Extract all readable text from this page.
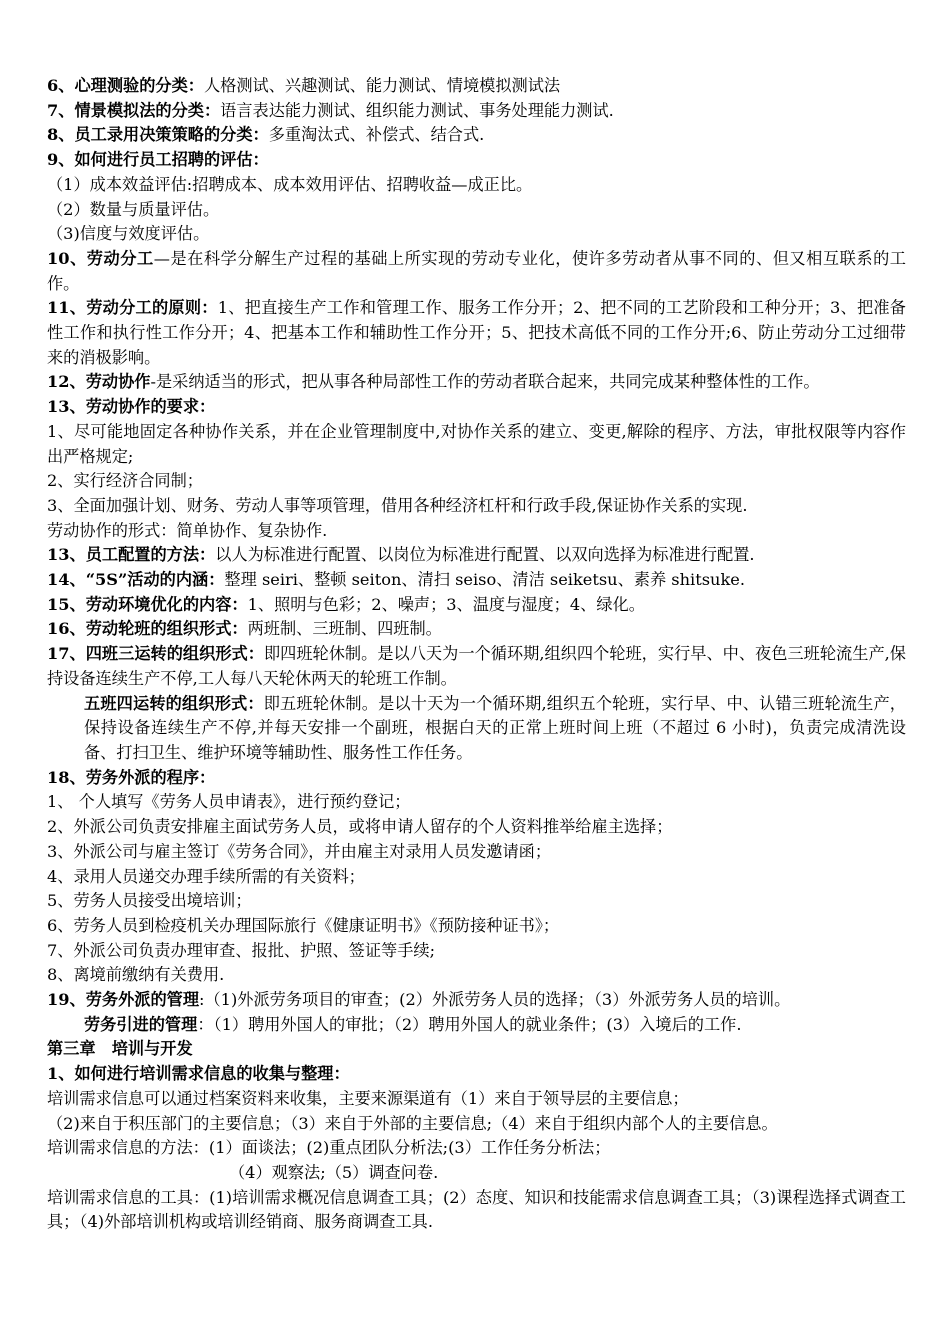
6、心理测验的分类：人格测试、兴趣测试、能力测试、情境模拟测试法

7、情景模拟法的分类：语言表达能力测试、组织能力测试、事务处理能力测试.

8、员工录用决策策略的分类：多重淘汰式、补偿式、结合式.

9、如何进行员工招聘的评估：

（1）成本效益评估:招聘成本、成本效用评估、招聘收益—成正比。

（2）数量与质量评估。

（3)信度与效度评估。

10、劳动分工—是在科学分解生产过程的基础上所实现的劳动专业化，使许多劳动者从事不同的、但又相互联系的工作。

11、劳动分工的原则：1、把直接生产工作和管理工作、服务工作分开；2、把不同的工艺阶段和工种分开；3、把准备性工作和执行性工作分开；4、把基本工作和辅助性工作分开；5、把技术高低不同的工作分开;6、防止劳动分工过细带来的消极影响。

12、劳动协作-是采纳适当的形式，把从事各种局部性工作的劳动者联合起来，共同完成某种整体性的工作。

13、劳动协作的要求：

1、尽可能地固定各种协作关系，并在企业管理制度中,对协作关系的建立、变更,解除的程序、方法，审批权限等内容作出严格规定;

2、实行经济合同制；

3、全面加强计划、财务、劳动人事等项管理，借用各种经济杠杆和行政手段,保证协作关系的实现.

劳动协作的形式：简单协作、复杂协作.

13、员工配置的方法：以人为标准进行配置、以岗位为标准进行配置、以双向选择为标准进行配置.

14、“5S”活动的内涵：整理 seiri、整顿 seiton、清扫 seiso、清洁 seiketsu、素养 shitsuke.

15、劳动环境优化的内容：1、照明与色彩；2、噪声；3、温度与湿度；4、绿化。

16、劳动轮班的组织形式：两班制、三班制、四班制。

17、四班三运转的组织形式：即四班轮休制。是以八天为一个循环期,组织四个轮班，实行早、中、夜色三班轮流生产,保持设备连续生产不停,工人每八天轮休两天的轮班工作制。

五班四运转的组织形式：即五班轮休制。是以十天为一个循环期,组织五个轮班，实行早、中、认错三班轮流生产，保持设备连续生产不停,并每天安排一个副班，根据白天的正常上班时间上班（不超过 6 小时)，负责完成清洗设备、打扫卫生、维护环境等辅助性、服务性工作任务。

18、劳务外派的程序：

1、 个人填写《劳务人员申请表》，进行预约登记；

2、外派公司负责安排雇主面试劳务人员，或将申请人留存的个人资料推举给雇主选择；

3、外派公司与雇主签订《劳务合同》，并由雇主对录用人员发邀请函；

4、录用人员递交办理手续所需的有关资料；

5、劳务人员接受出境培训；

6、劳务人员到检疫机关办理国际旅行《健康证明书》《预防接种证书》；

7、外派公司负责办理审查、报批、护照、签证等手续;

8、离境前缴纳有关费用.

19、劳务外派的管理:（1)外派劳务项目的审查；(2）外派劳务人员的选择；（3）外派劳务人员的培训。

劳务引进的管理：（1）聘用外国人的审批；（2）聘用外国人的就业条件；(3）入境后的工作.

第三章　培训与开发

1、如何进行培训需求信息的收集与整理：

培训需求信息可以通过档案资料来收集，主要来源渠道有（1）来自于领导层的主要信息；

（2)来自于积压部门的主要信息；（3）来自于外部的主要信息;（4）来自于组织内部个人的主要信息。

培训需求信息的方法：(1）面谈法；(2)重点团队分析法;(3）工作任务分析法；

（4）观察法;（5）调查问卷.

培训需求信息的工具：(1)培训需求概况信息调查工具；(2）态度、知识和技能需求信息调查工具；（3)课程选择式调查工具；（4)外部培训机构或培训经销商、服务商调查工具.
